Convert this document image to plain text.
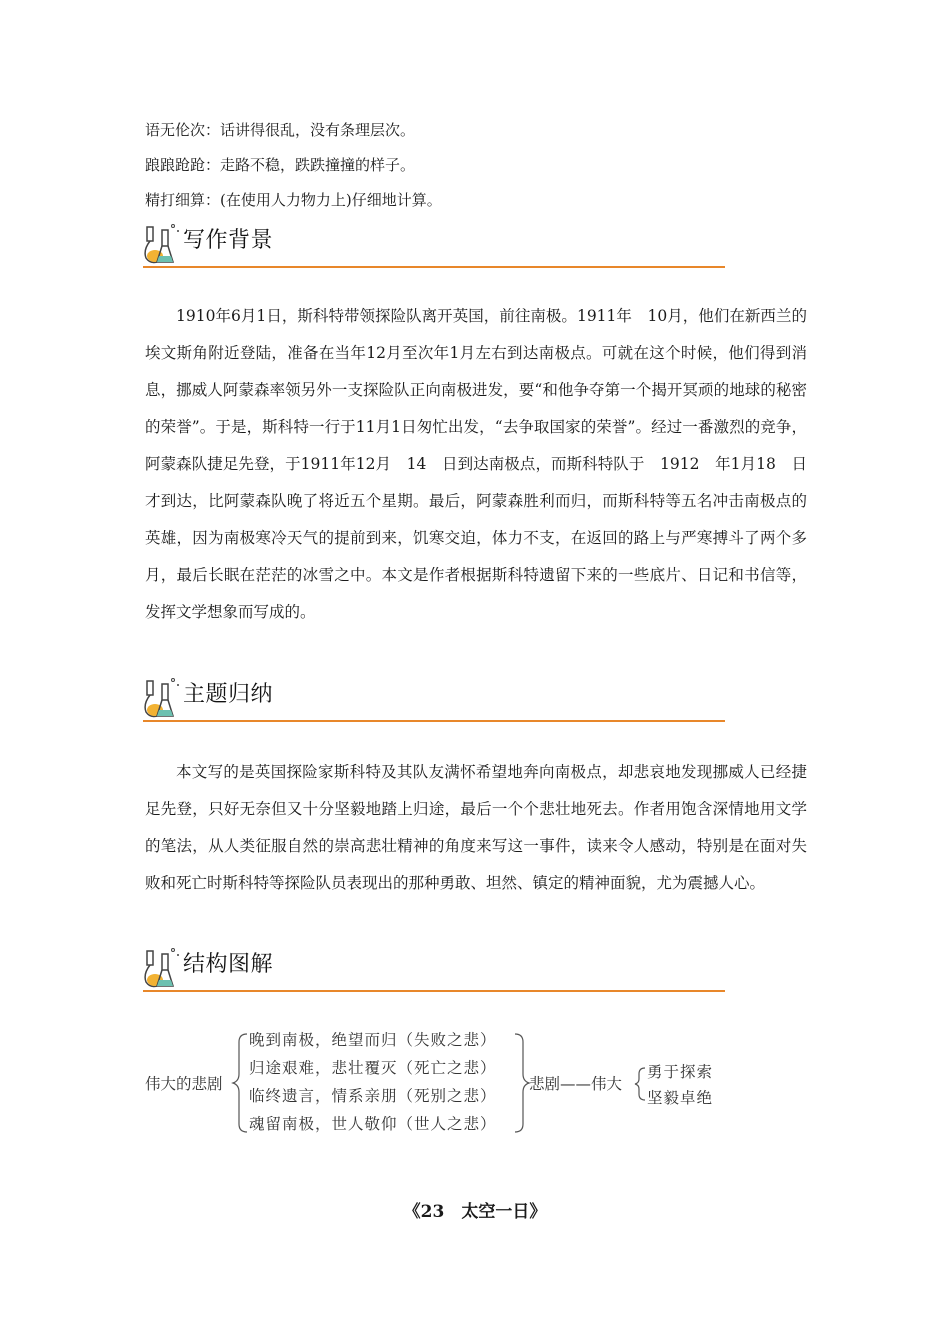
语无伦次：话讲得很乱，没有条理层次。
踉踉跄跄：走路不稳，跌跌撞撞的样子。
精打细算：(在使用人力物力上)仔细地计算。
写作背景

1910年6月1日，斯科特带领探险队离开英国，前往南极。1911年　10月，他们在新西兰的埃文斯角附近登陆，准备在当年12月至次年1月左右到达南极点。可就在这个时候，他们得到消息，挪威人阿蒙森率领另外一支探险队正向南极进发，要“和他争夺第一个揭开冥顽的地球的秘密的荣誉”。于是，斯科特一行于11月1日匆忙出发，“去争取国家的荣誉”。经过一番激烈的竞争，阿蒙森队捷足先登，于1911年12月　14　日到达南极点，而斯科特队于　1912　年1月18　日才到达，比阿蒙森队晚了将近五个星期。最后，阿蒙森胜利而归，而斯科特等五名冲击南极点的英雄，因为南极寒冷天气的提前到来，饥寒交迫，体力不支，在返回的路上与严寒搏斗了两个多月，最后长眠在茫茫的冰雪之中。本文是作者根据斯科特遗留下来的一些底片、日记和书信等，发挥文学想象而写成的。

主题归纳

本文写的是英国探险家斯科特及其队友满怀希望地奔向南极点，却悲哀地发现挪威人已经捷足先登，只好无奈但又十分坚毅地踏上归途，最后一个个悲壮地死去。作者用饱含深情地用文学的笔法，从人类征服自然的崇高悲壮精神的角度来写这一事件，读来令人感动，特别是在面对失败和死亡时斯科特等探险队员表现出的那种勇敢、坦然、镇定的精神面貌，尤为震撼人心。

结构图解
伟大的悲剧
晚到南极，绝望而归（失败之悲）
归途艰难，悲壮覆灭（死亡之悲）
临终遗言，情系亲朋（死别之悲）
魂留南极，世人敬仰（世人之悲）
悲剧——伟大
勇于探索
坚毅卓绝
《23　太空一日》
